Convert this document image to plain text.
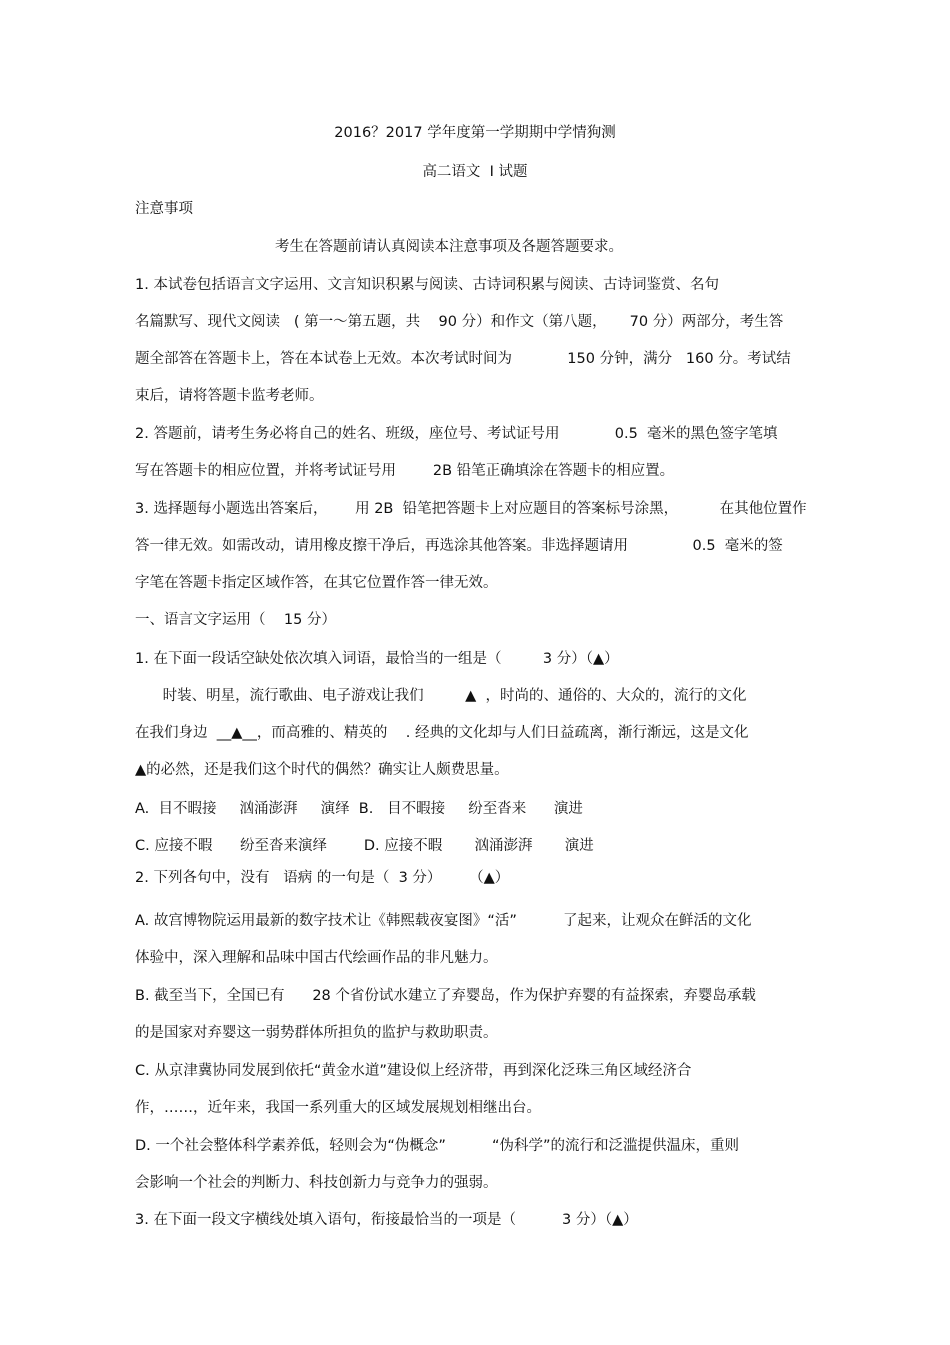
2016？2017 学年度第一学期期中学情狗测
高二语文  Ⅰ 试题
注意事项
考生在答题前请认真阅读本注意事项及各题答题要求。
1. 本试卷包括语言文字运用、文言知识积累与阅读、古诗词积累与阅读、古诗词鉴赏、名句
名篇默写、现代文阅读   ( 第一～第五题，共    90 分）和作文（第八题，     70 分）两部分，考生答
题全部答在答题卡上，答在本试卷上无效。本次考试时间为            150 分钟，满分   160 分。考试结
束后，请将答题卡监考老师。
2. 答题前，请考生务必将自己的姓名、班级，座位号、考试证号用            0.5  毫米的黑色签字笔填
写在答题卡的相应位置，并将考试证号用        2B 铅笔正确填涂在答题卡的相应置。
3. 选择题每小题选出答案后，      用 2B  铅笔把答题卡上对应题目的答案标号涂黑，         在其他位置作
答一律无效。如需改动，请用橡皮擦干净后，再选涂其他答案。非选择题请用              0.5  毫米的签
字笔在答题卡指定区域作答，在其它位置作答一律无效。
一、语言文字运用（    15 分）
1. 在下面一段话空缺处依次填入词语，最恰当的一组是（         3 分）（▲）
时装、明星，流行歌曲、电子游戏让我们         ▲  ，时尚的、通俗的、大众的，流行的文化
在我们身边  __▲__，而高雅的、精英的    . 经典的文化却与人们日益疏离，渐行渐远，这是文化
▲的必然，还是我们这个时代的偶然？确实让人颇费思量。
A.  目不暇接     汹涌澎湃     演绎  B.   目不暇接     纷至沓来      演进
C. 应接不暇      纷至沓来演绎        D. 应接不暇       汹涌澎湃       演进
2. 下列各句中，没有   语病 的一句是（  3 分）      （▲）
A. 故宫博物院运用最新的数字技术让《韩熙载夜宴图》“活”          了起来，让观众在鲜活的文化
体验中，深入理解和品味中国古代绘画作品的非凡魅力。
B. 截至当下，全国已有      28 个省份试水建立了弃婴岛，作为保护弃婴的有益探索，弃婴岛承载
的是国家对弃婴这一弱势群体所担负的监护与救助职责。
C. 从京津冀协同发展到依托“黄金水道”建设似上经济带，再到深化泛珠三角区域经济合
作，……，近年来，我国一系列重大的区域发展规划相继出台。
D. 一个社会整体科学素养低，轻则会为“伪概念”          “伪科学”的流行和泛滥提供温床，重则
会影响一个社会的判断力、科技创新力与竞争力的强弱。
3. 在下面一段文字横线处填入语句，衔接最恰当的一项是（          3 分）（▲）
